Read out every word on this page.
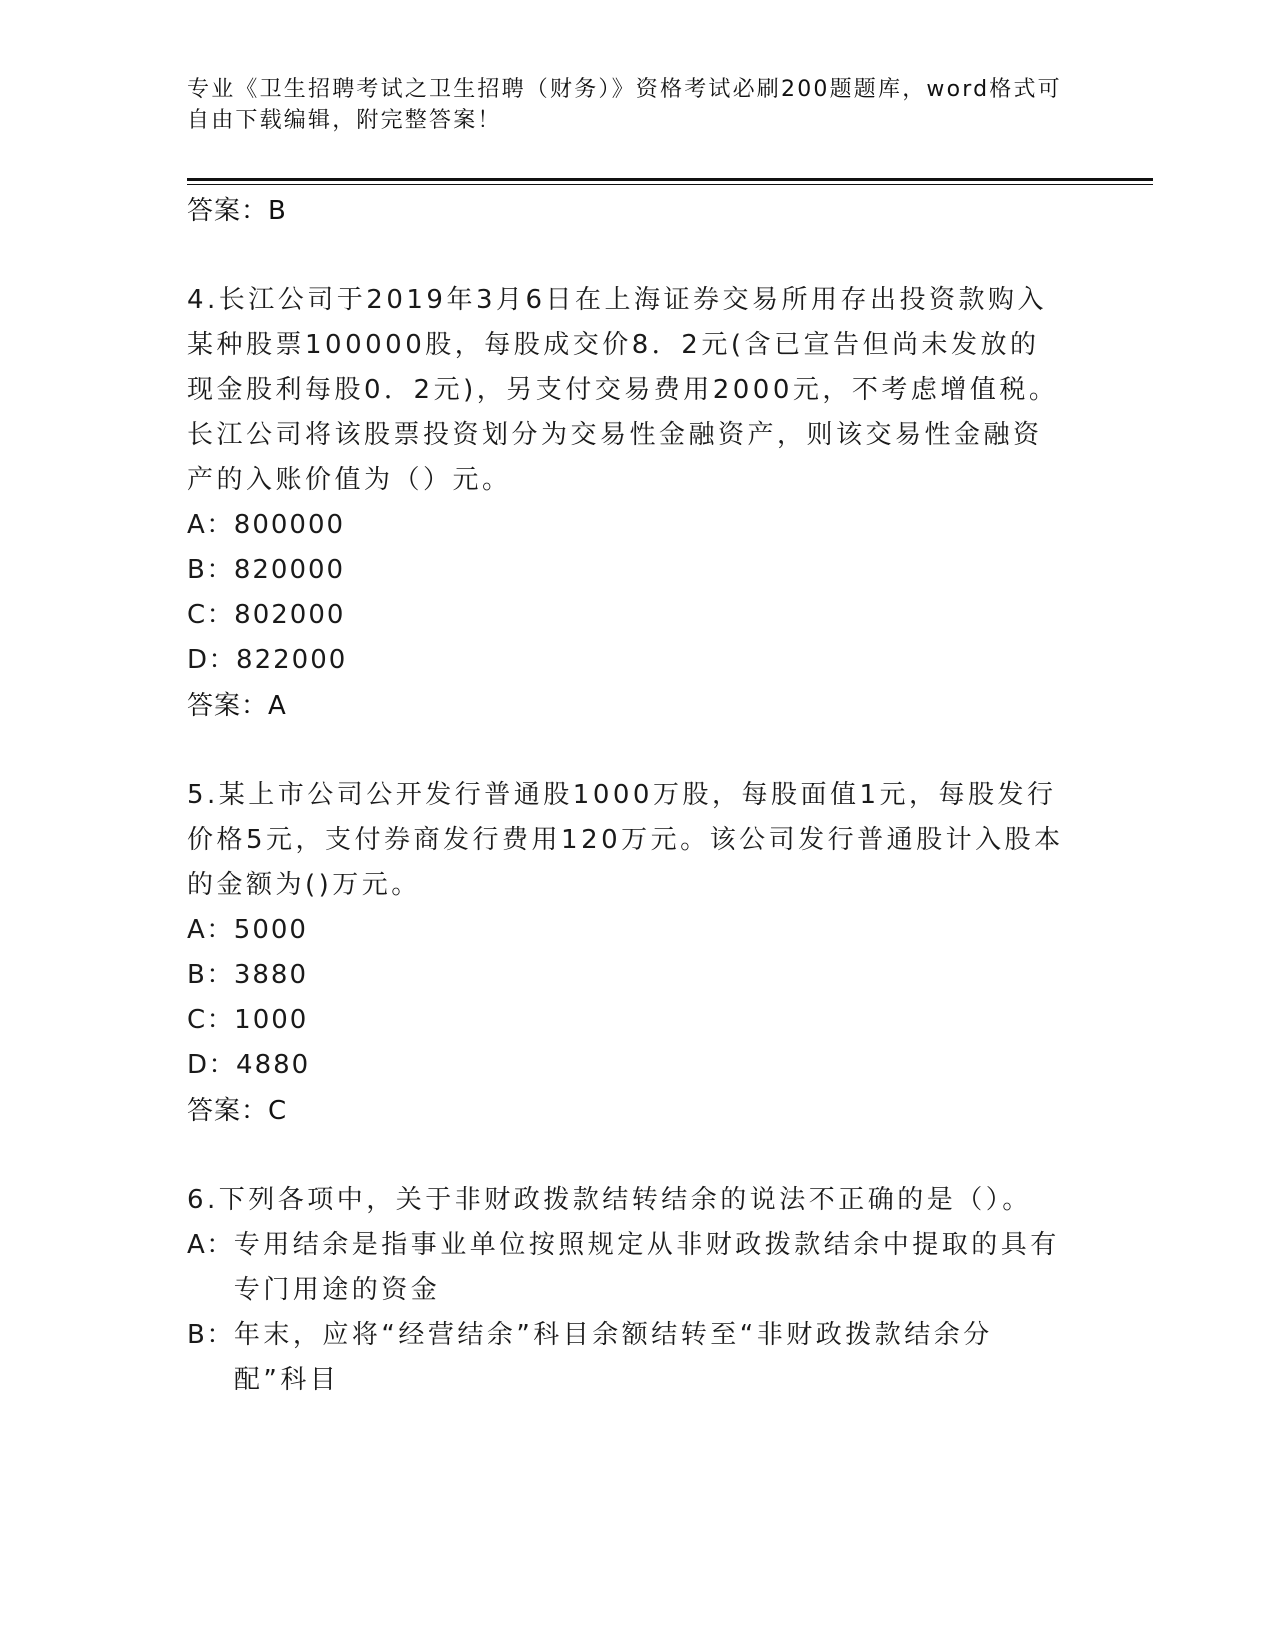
专业《卫生招聘考试之卫生招聘（财务）》资格考试必刷200题题库，word格式可自由下载编辑，附完整答案！

答案：B

4.长江公司于2019年3月6日在上海证券交易所用存出投资款购入某种股票100000股，每股成交价8．2元(含已宣告但尚未发放的现金股利每股0．2元)，另支付交易费用2000元，不考虑增值税。长江公司将该股票投资划分为交易性金融资产，则该交易性金融资产的入账价值为（）元。

A： 800000

B： 820000

C： 802000

D： 822000

答案：A

5.某上市公司公开发行普通股1000万股，每股面值1元，每股发行价格5元，支付券商发行费用120万元。该公司发行普通股计入股本的金额为()万元。

A： 5000

B： 3880

C： 1000

D： 4880

答案：C

6.下列各项中，关于非财政拨款结转结余的说法不正确的是（）。

A： 专用结余是指事业单位按照规定从非财政拨款结余中提取的具有专门用途的资金

B： 年末，应将“经营结余”科目余额结转至“非财政拨款结余分配”科目
